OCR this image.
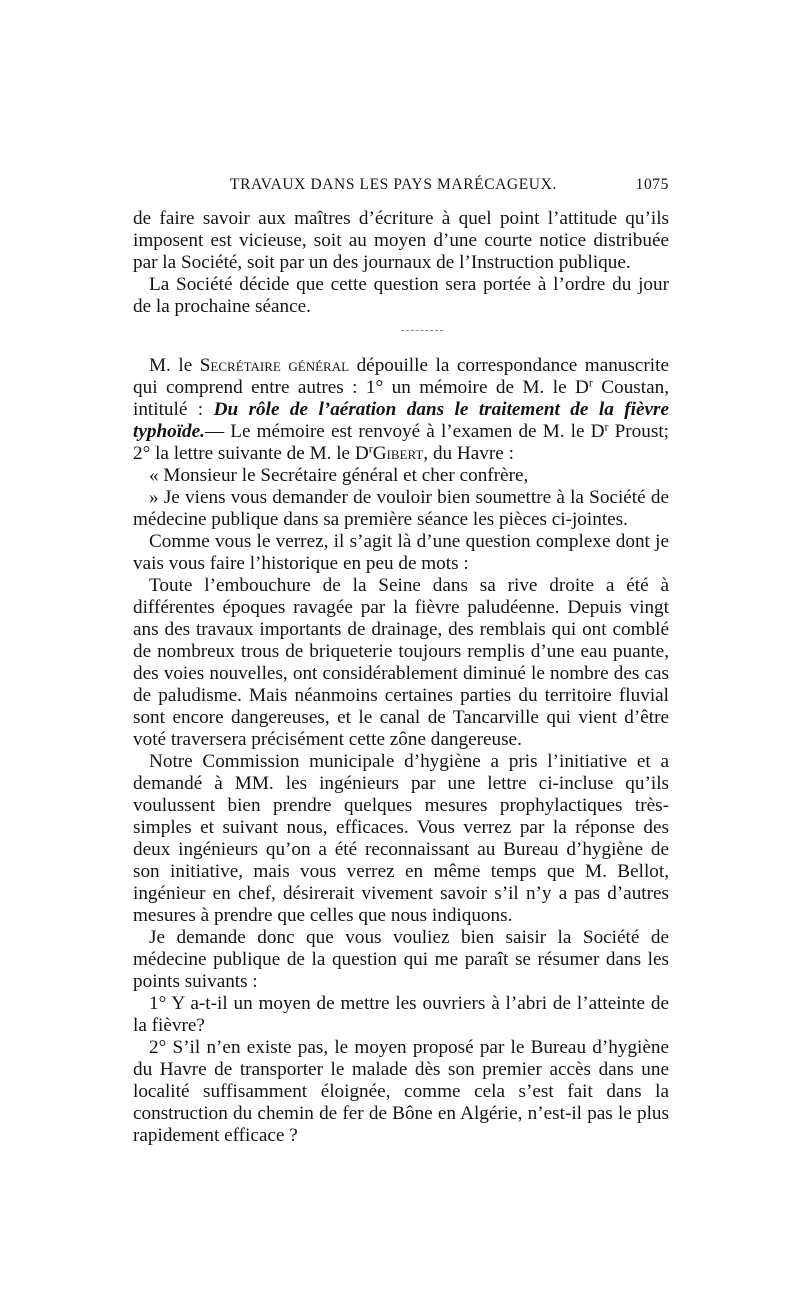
TRAVAUX DANS LES PAYS MARÉCAGEUX.	1075

de faire savoir aux maîtres d’écriture à quel point l’attitude qu’ils imposent est vicieuse, soit au moyen d’une courte notice distribuée par la Société, soit par un des journaux de l’Instruction publique.

La Société décide que cette question sera portée à l’ordre du jour de la prochaine séance.

M. le Secrétaire général dépouille la correspondance manuscrite qui comprend entre autres : 1° un mémoire de M. le $D^r$ Coustan, intitulé : Du rôle de l’aération dans le traitement de la fièvre typhoïde.— Le mémoire est renvoyé à l’examen de M. le $D^r$ Proust; 2° la lettre suivante de M. le $D^rGibert$, du Havre :

« Monsieur le Secrétaire général et cher confrère,

» Je viens vous demander de vouloir bien soumettre à la Société de médecine publique dans sa première séance les pièces ci-jointes.

Comme vous le verrez, il s’agit là d’une question complexe dont je vais vous faire l’historique en peu de mots :

Toute l’embouchure de la Seine dans sa rive droite a été à différentes époques ravagée par la fièvre paludéenne. Depuis vingt ans des travaux importants de drainage, des remblais qui ont comblé de nombreux trous de briqueterie toujours remplis d’une eau puante, des voies nouvelles, ont considérablement diminué le nombre des cas de paludisme. Mais néanmoins certaines parties du territoire fluvial sont encore dangereuses, et le canal de Tancarville qui vient d’être voté traversera précisément cette zône dangereuse.

Notre Commission municipale d’hygiène a pris l’initiative et a demandé à MM. les ingénieurs par une lettre ci-incluse qu’ils voulussent bien prendre quelques mesures prophylactiques très-simples et suivant nous, efficaces. Vous verrez par la réponse des deux ingénieurs qu’on a été reconnaissant au Bureau d’hygiène de son initiative, mais vous verrez en même temps que M. Bellot, ingénieur en chef, désirerait vivement savoir s’il n’y a pas d’autres mesures à prendre que celles que nous indiquons.

Je demande donc que vous vouliez bien saisir la Société de médecine publique de la question qui me paraît se résumer dans les points suivants :

1° Y a-t-il un moyen de mettre les ouvriers à l’abri de l’atteinte de la fièvre?

2° S’il n’en existe pas, le moyen proposé par le Bureau d’hygiène du Havre de transporter le malade dès son premier accès dans une localité suffisamment éloignée, comme cela s’est fait dans la construction du chemin de fer de Bône en Algérie, n’est-il pas le plus rapidement efficace ?
